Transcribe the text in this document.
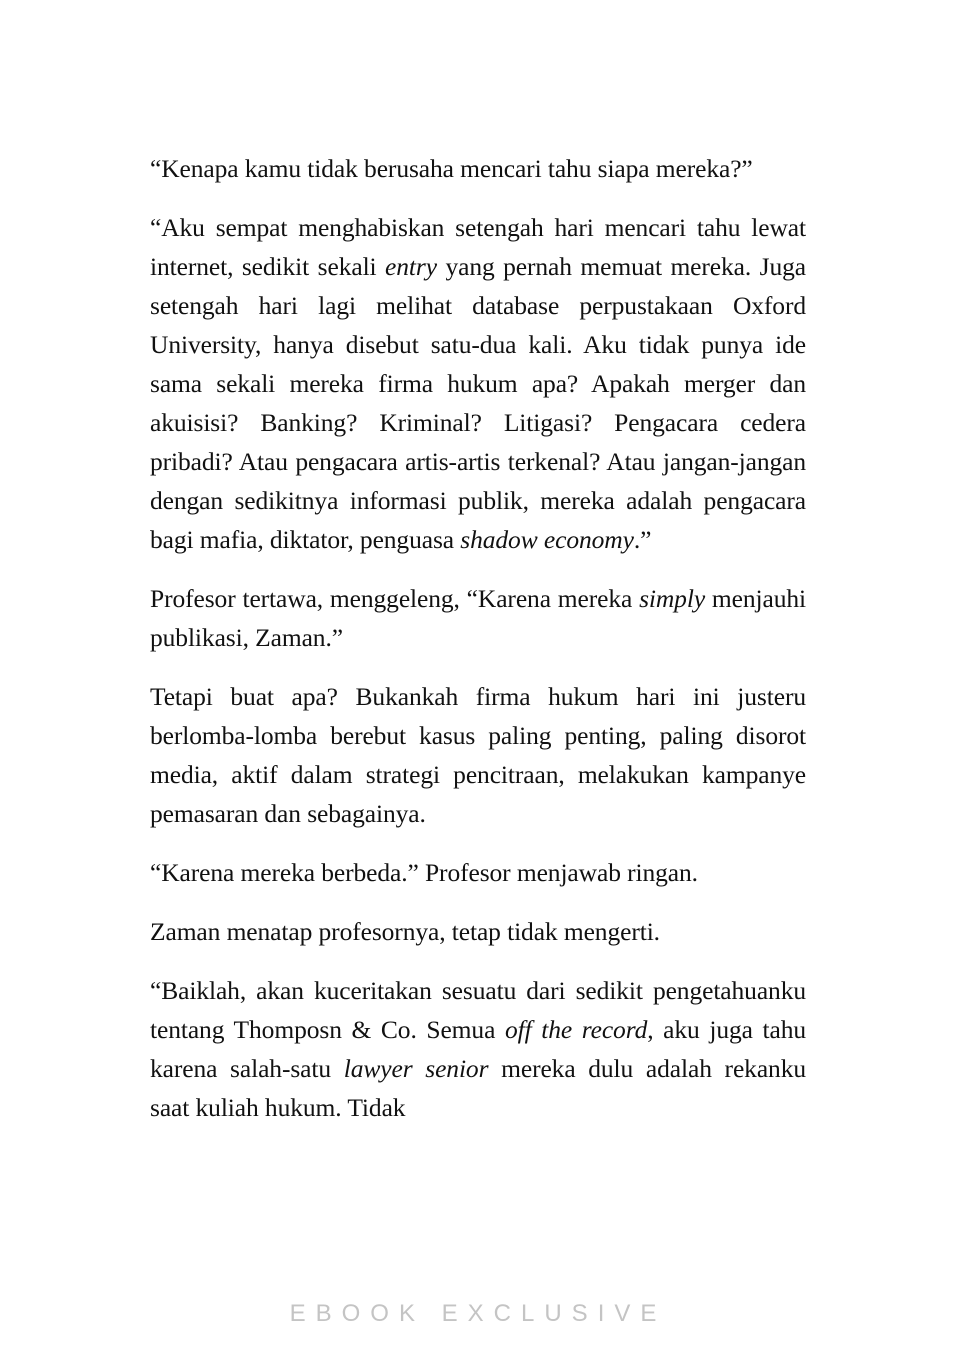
“Kenapa kamu tidak berusaha mencari tahu siapa mereka?”

“Aku sempat menghabiskan setengah hari mencari tahu lewat internet, sedikit sekali entry yang pernah memuat mereka. Juga setengah hari lagi melihat database perpustakaan Oxford University, hanya disebut satu-dua kali. Aku tidak punya ide sama sekali mereka firma hukum apa? Apakah merger dan akuisisi? Banking? Kriminal? Litigasi? Pengacara cedera pribadi? Atau pengacara artis-artis terkenal? Atau jangan-jangan dengan sedikitnya informasi publik, mereka adalah pengacara bagi mafia, diktator, penguasa shadow economy.”

Profesor tertawa, menggeleng, “Karena mereka simply menjauhi publikasi, Zaman.”

Tetapi buat apa? Bukankah firma hukum hari ini justeru berlomba-lomba berebut kasus paling penting, paling disorot media, aktif dalam strategi pencitraan, melakukan kampanye pemasaran dan sebagainya.

“Karena mereka berbeda.” Profesor menjawab ringan.

Zaman menatap profesornya, tetap tidak mengerti.

“Baiklah, akan kuceritakan sesuatu dari sedikit pengetahuanku tentang Thomposn & Co. Semua off the record, aku juga tahu karena salah-satu lawyer senior mereka dulu adalah rekanku saat kuliah hukum. Tidak

EBOOK EXCLUSIVE
